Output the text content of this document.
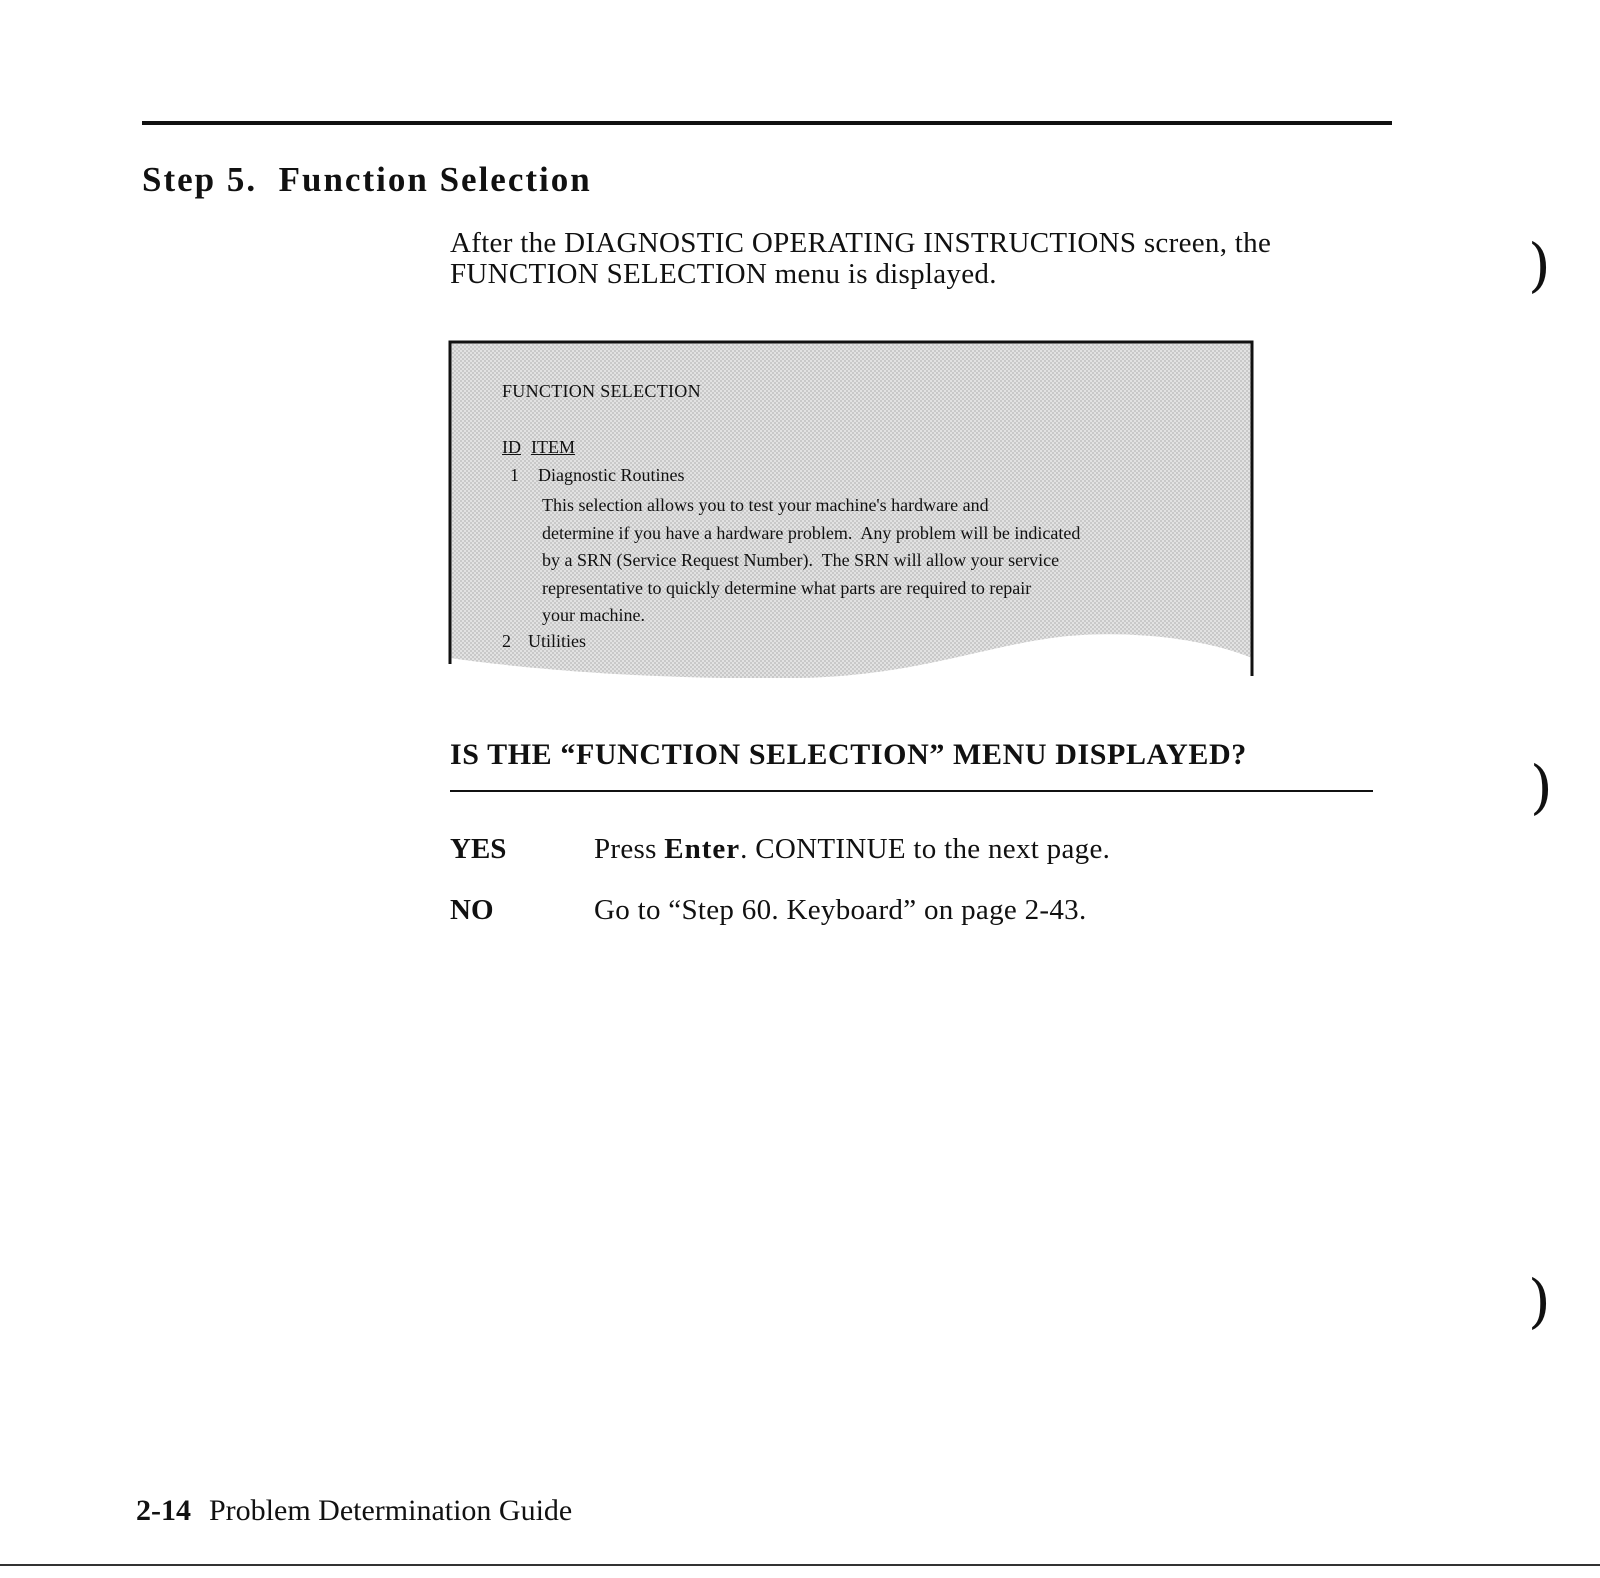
Step 5. Function Selection
After the DIAGNOSTIC OPERATING INSTRUCTIONS screen, the FUNCTION SELECTION menu is displayed.
FUNCTION SELECTION
ID ITEM
1 Diagnostic Routines
This selection allows you to test your machine's hardware and
determine if you have a hardware problem.  Any problem will be indicated
by a SRN (Service Request Number).  The SRN will allow your service
representative to quickly determine what parts are required to repair
your machine.
2 Utilities
IS THE “FUNCTION SELECTION” MENU DISPLAYED?
YES	Press Enter. CONTINUE to the next page.
NO	Go to “Step 60. Keyboard” on page 2-43.
)
)
)
2-14 Problem Determination Guide
